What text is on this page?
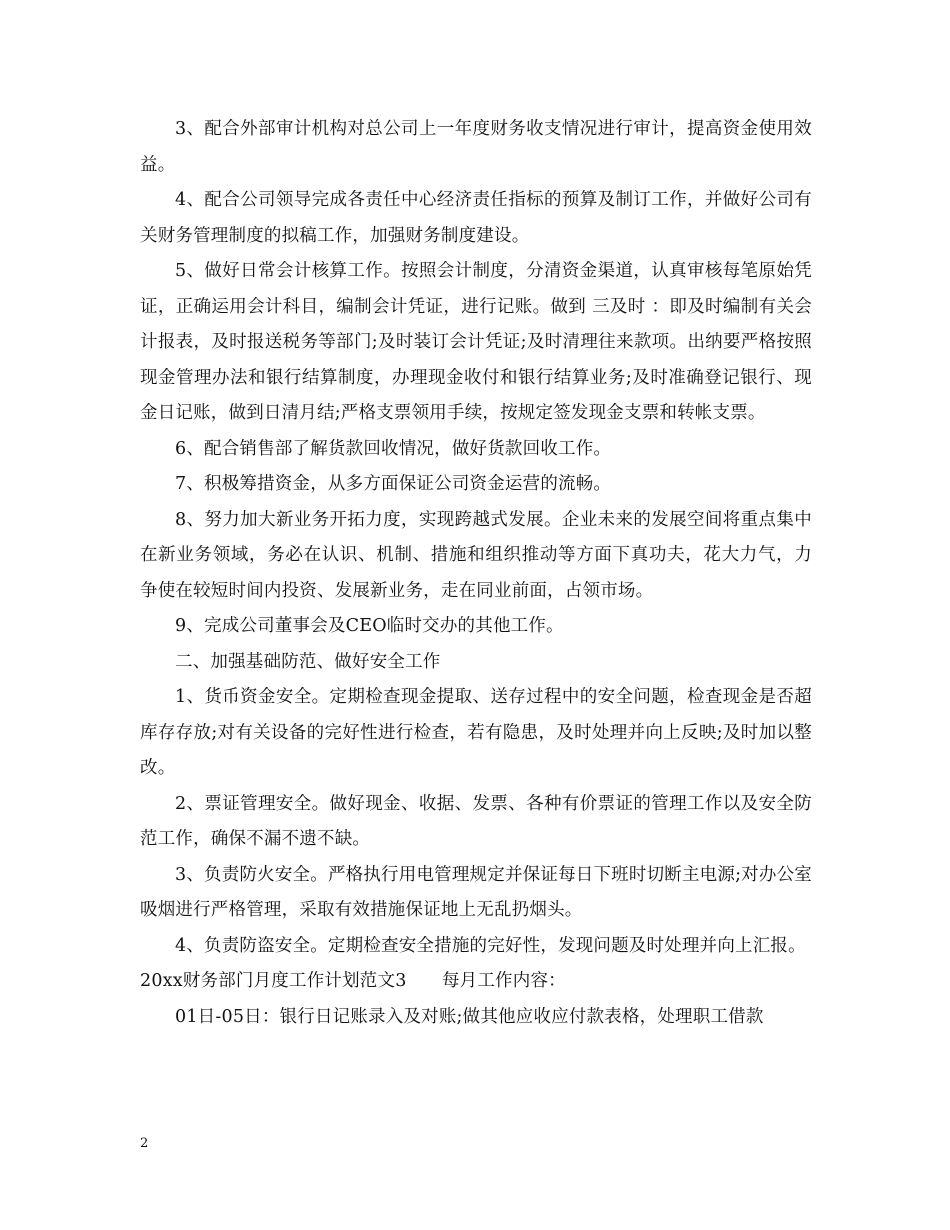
3、配合外部审计机构对总公司上一年度财务收支情况进行审计，提高资金使用效益。

4、配合公司领导完成各责任中心经济责任指标的预算及制订工作，并做好公司有关财务管理制度的拟稿工作，加强财务制度建设。

5、做好日常会计核算工作。按照会计制度，分清资金渠道，认真审核每笔原始凭证，正确运用会计科目，编制会计凭证，进行记账。做到 三及时 ：即及时编制有关会计报表，及时报送税务等部门;及时装订会计凭证;及时清理往来款项。出纳要严格按照现金管理办法和银行结算制度，办理现金收付和银行结算业务;及时准确登记银行、现金日记账，做到日清月结;严格支票领用手续，按规定签发现金支票和转帐支票。

6、配合销售部了解货款回收情况，做好货款回收工作。

7、积极筹措资金，从多方面保证公司资金运营的流畅。

8、努力加大新业务开拓力度，实现跨越式发展。企业未来的发展空间将重点集中在新业务领域，务必在认识、机制、措施和组织推动等方面下真功夫，花大力气，力争使在较短时间内投资、发展新业务，走在同业前面，占领市场。

9、完成公司董事会及CEO临时交办的其他工作。

二、加强基础防范、做好安全工作

1、货币资金安全。定期检查现金提取、送存过程中的安全问题，检查现金是否超库存存放;对有关设备的完好性进行检查，若有隐患，及时处理并向上反映;及时加以整改。

2、票证管理安全。做好现金、收据、发票、各种有价票证的管理工作以及安全防范工作，确保不漏不遗不缺。

3、负责防火安全。严格执行用电管理规定并保证每日下班时切断主电源;对办公室吸烟进行严格管理，采取有效措施保证地上无乱扔烟头。

4、负责防盗安全。定期检查安全措施的完好性，发现问题及时处理并向上汇报。

20xx财务部门月度工作计划范文3　　每月工作内容：

01日-05日：银行日记账录入及对账;做其他应收应付款表格，处理职工借款

2
